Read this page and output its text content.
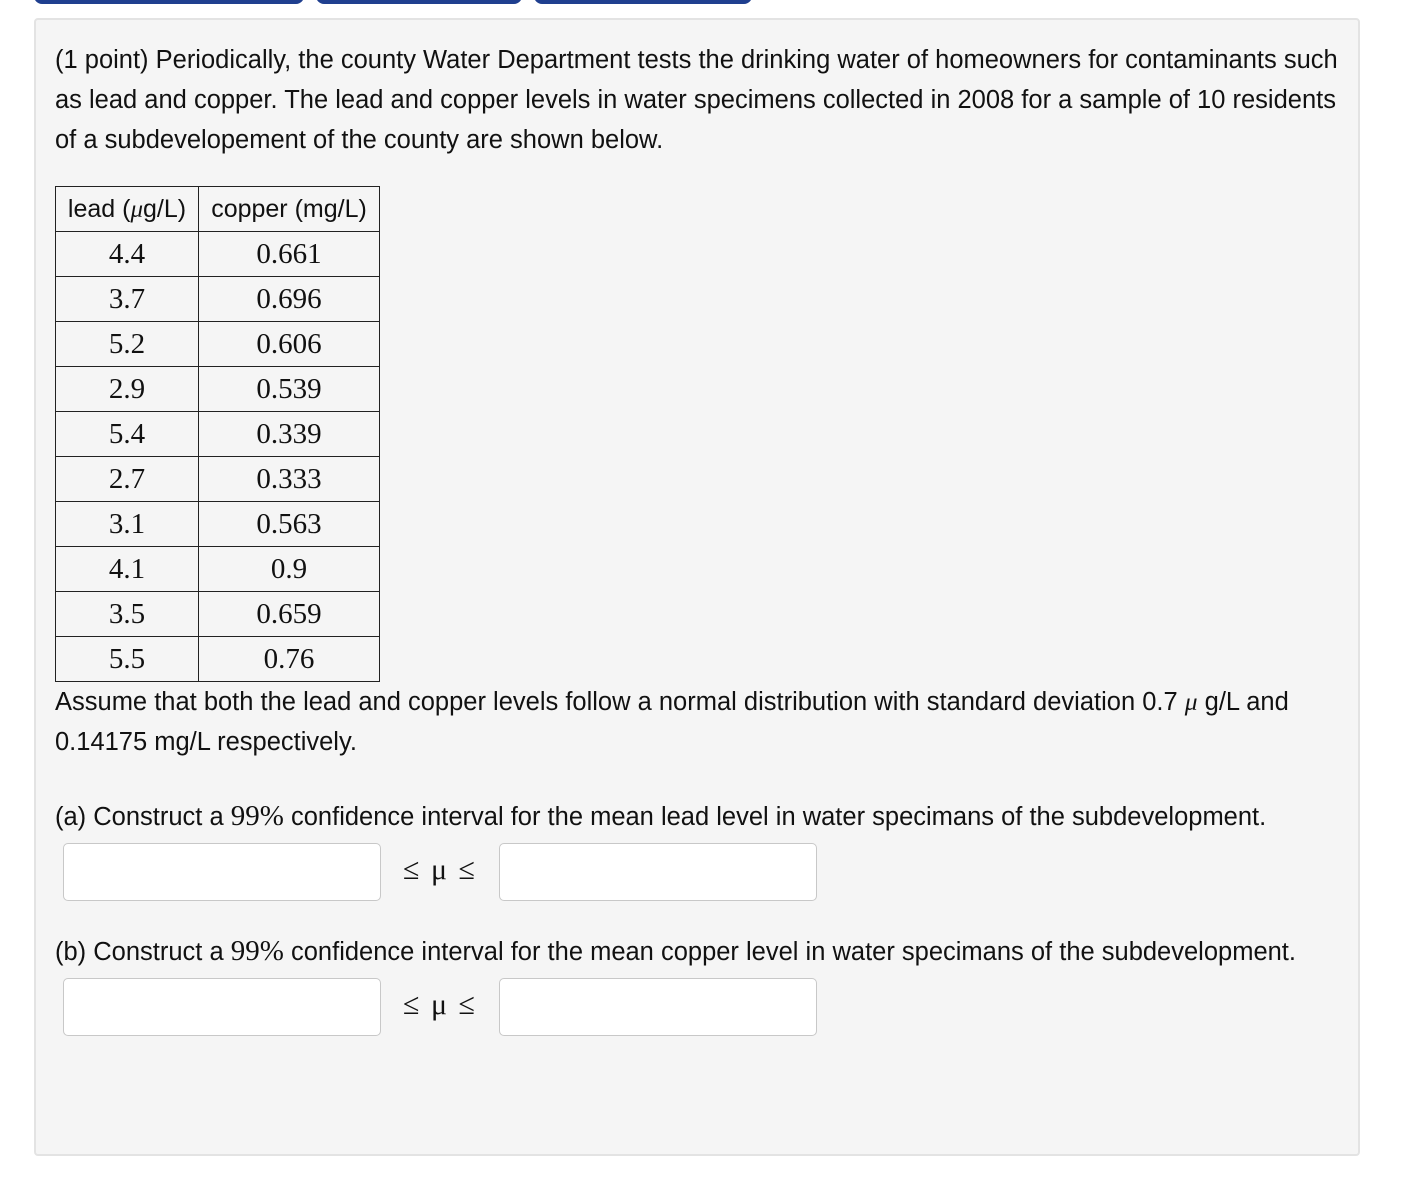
(1 point) Periodically, the county Water Department tests the drinking water of homeowners for contaminants such as lead and copper. The lead and copper levels in water specimens collected in 2008 for a sample of 10 residents of a subdevelopement of the county are shown below.

lead (μg/L)	copper (mg/L)
4.4	0.661
3.7	0.696
5.2	0.606
2.9	0.539
5.4	0.339
2.7	0.333
3.1	0.563
4.1	0.9
3.5	0.659
5.5	0.76

Assume that both the lead and copper levels follow a normal distribution with standard deviation 0.7 μ g/L and 0.14175 mg/L respectively.

(a) Construct a 99% confidence interval for the mean lead level in water specimans of the subdevelopment.

≤ μ ≤

(b) Construct a 99% confidence interval for the mean copper level in water specimans of the subdevelopment.

≤ μ ≤
